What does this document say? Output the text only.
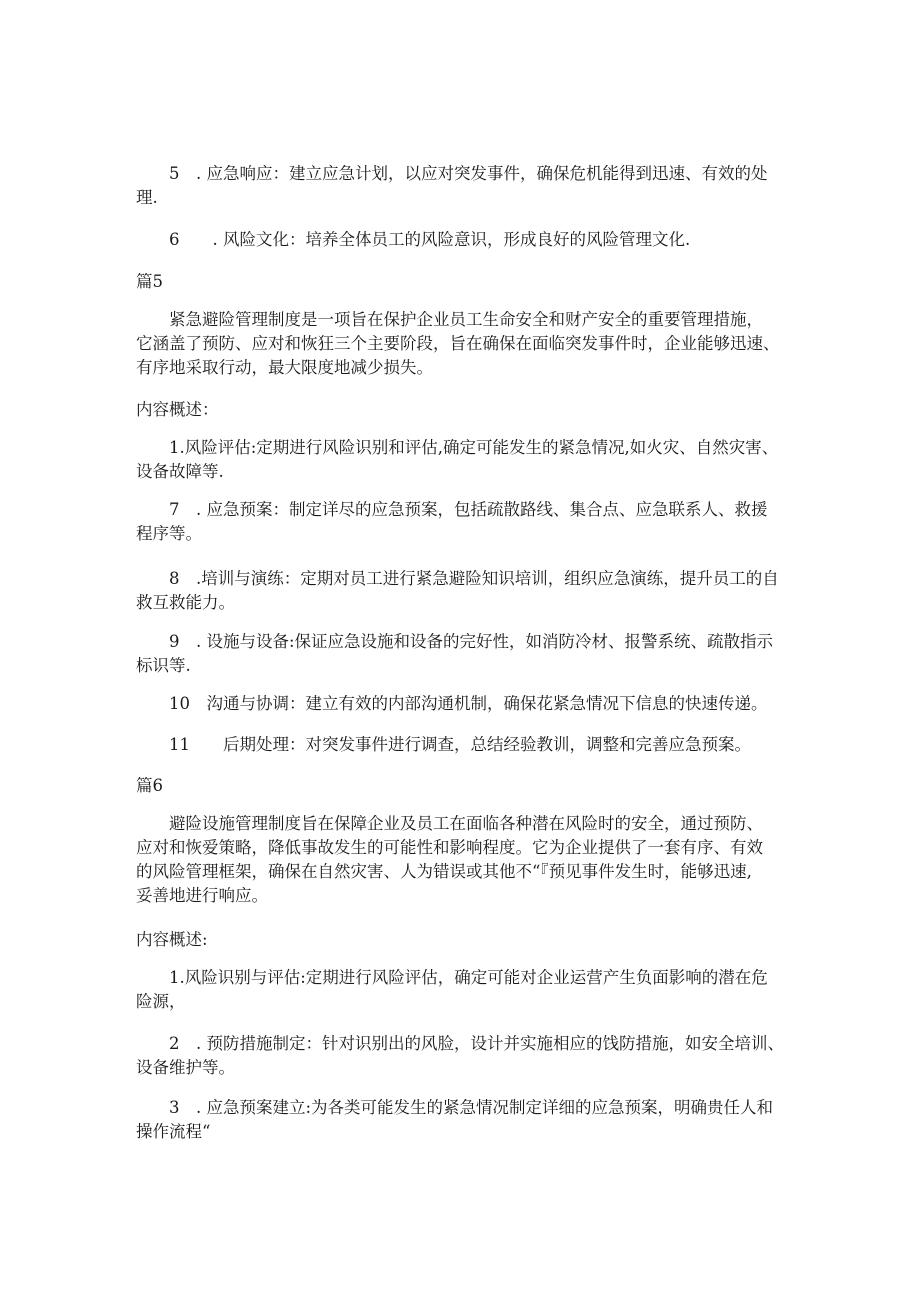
　　5　. 应急响应：建立应急计划，以应对突发事件，确保危机能得到迅速、有效的处
理.

　　6　　. 风险文化：培养全体员工的风险意识，形成良好的风险管理文化.

篇5

　　紧急避险管理制度是一项旨在保护企业员工生命安全和财产安全的重要管理措施，
它涵盖了预防、应对和恢狂三个主要阶段，旨在确保在面临突发事件时，企业能够迅速、
有序地采取行动，最大限度地减少损失。

内容概述：

　　1.风险评估:定期进行风险识别和评估,确定可能发生的紧急情况,如火灾、自然灾害、
设备故障等.

　　7　. 应急预案：制定详尽的应急预案，包括疏散路线、集合点、应急联系人、救援
程序等。

　　8　.培训与演练：定期对员工进行紧急避险知识培训，组织应急演练，提升员工的自
救互救能力。

　　9　. 设施与设备:保证应急设施和设备的完好性，如消防冷材、报警系统、疏散指示
标识等.

　　10　沟通与协调：建立有效的内部沟通机制，确保花紧急情况下信息的快速传递。

　　11　　后期处理：对突发事件进行调查，总结经验教训，调整和完善应急预案。

篇6

　　避险设施管理制度旨在保障企业及员工在面临各种潜在风险时的安全，通过预防、
应对和恢爱策略，降低事故发生的可能性和影响程度。它为企业提供了一套有序、有效
的风险管理框架，确保在自然灾害、人为错误或其他不“『预见事件发生时，能够迅速,
妥善地进行响应。

内容概述:

　　1.风险识别与评估:定期进行风险评估，确定可能对企业运营产生负面影响的潜在危
险源，

　　2　. 预防措施制定：针对识别出的风脸，设计并实施相应的饯防措施，如安全培训、
设备维护等。

　　3　. 应急预案建立:为各类可能发生的紧急情况制定详细的应急预案，明确贵任人和
操作流程“
